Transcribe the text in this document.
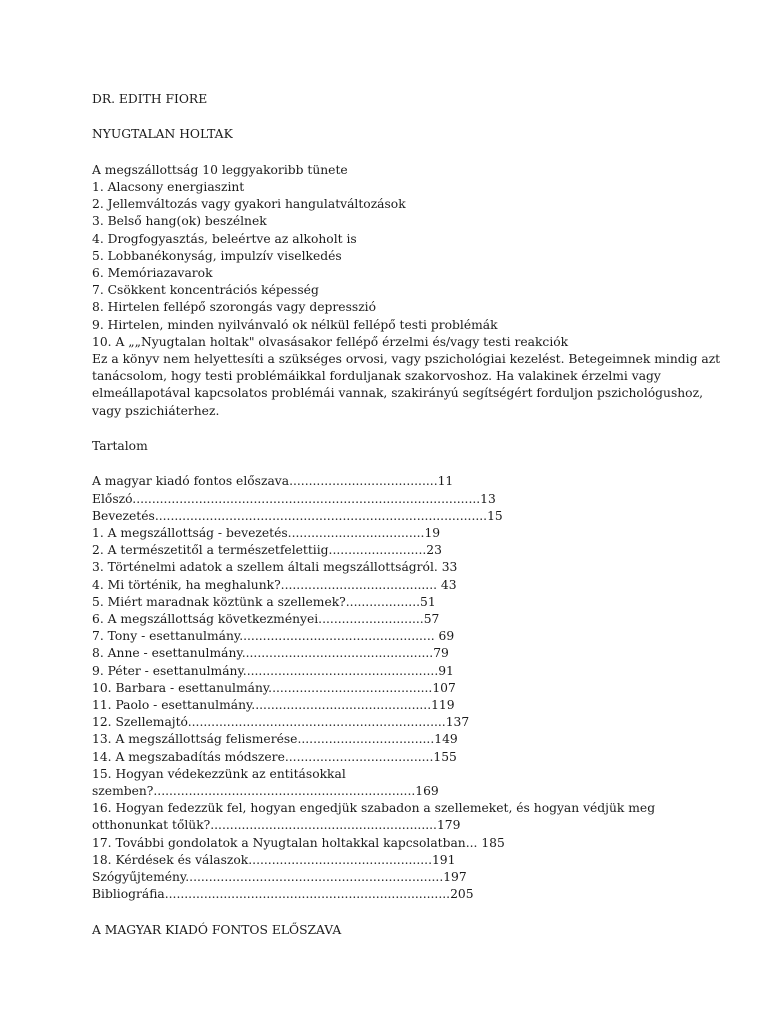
DR. EDITH FIORE
NYUGTALAN HOLTAK
A megszállottság 10 leggyakoribb tünete
1. Alacsony energiaszint
2. Jellemváltozás vagy gyakori hangulatváltozások
3. Belső hang(ok) beszélnek
4. Drogfogyasztás, beleértve az alkoholt is
5. Lobbanékonyság, impulzív viselkedés
6. Memóriazavarok
7. Csökkent koncentrációs képesség
8. Hirtelen fellépő szorongás vagy depresszió
9. Hirtelen, minden nyilvánvaló ok nélkül fellépő testi problémák
10. A „„Nyugtalan holtak" olvasásakor fellépő érzelmi és/vagy testi reakciók
Ez a könyv nem helyettesíti a szükséges orvosi, vagy pszichológiai kezelést. Betegeimnek mindig azt
tanácsolom, hogy testi problémáikkal forduljanak szakorvoshoz. Ha valakinek érzelmi vagy
elmeállapotával kapcsolatos problémái vannak, szakirányú segítségért forduljon pszichológushoz,
vagy pszichiáterhez.
Tartalom
A magyar kiadó fontos előszava......................................11
Előszó.........................................................................................13
Bevezetés.....................................................................................15
1. A megszállottság - bevezetés...................................19
2. A természetitől a természetfelettiig.........................23
3. Történelmi adatok a szellem általi megszállottságról. 33
4. Mi történik, ha meghalunk?........................................ 43
5. Miért maradnak köztünk a szellemek?...................51
6. A megszállottság következményei...........................57
7. Tony - esettanulmány.................................................. 69
8. Anne - esettanulmány.................................................79
9. Péter - esettanulmány..................................................91
10. Barbara - esettanulmány..........................................107
11. Paolo - esettanulmány..............................................119
12. Szellemajtó..................................................................137
13. A megszállottság felismerése...................................149
14. A megszabadítás módszere......................................155
15. Hogyan védekezzünk az entitásokkal
szemben?...................................................................169
16. Hogyan fedezzük fel, hogyan engedjük szabadon a szellemeket, és hogyan védjük meg
otthonunkat tőlük?..........................................................179
17. További gondolatok a Nyugtalan holtakkal kapcsolatban... 185
18. Kérdések és válaszok...............................................191
Szógyűjtemény..................................................................197
Bibliográfia.........................................................................205
A MAGYAR KIADÓ FONTOS ELŐSZAVA
